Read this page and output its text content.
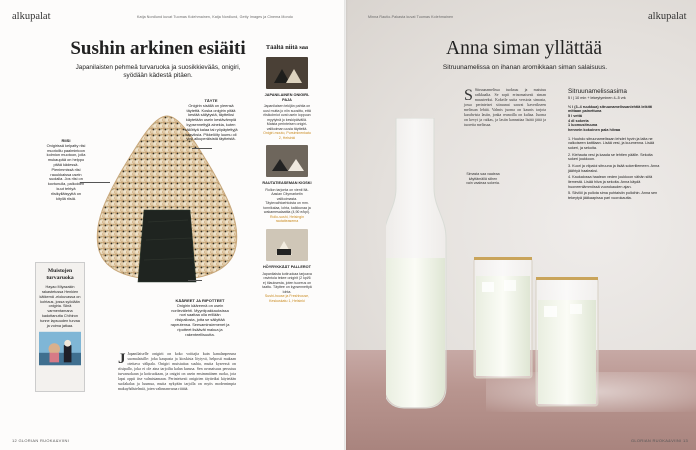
alkupalat	Katja Nordlund kuvat Tuomas Kolehmainen, Katja Nordlund, Getty Images ja Cinema Mondo
Sushin arkinen esiäiti
Japanilaisten pehmeä turvaruoka ja suosikkievääs, onigiri, syödään kädestä pitäen.
RIISI
Onigirissä kelpatty riisi muotoillu paalmintoon kolmion muotoon, jolla mukaupää on helppo pitää kädessä. Pienimmissä riisi rauukkaissa usein suolalla. Jos riisi on kovtunulla, palkoiden kuut tehtyä riisikylläisyyttä on kityllä riisiä.
TÄYTE
Onigirin sisällä on yleensä täytettä. Koska onigirin pitää kestää säilytystä, täytteiksi käytetään usein kestävämpiä kypsennettyjä ainekia, kuten säilöttyä kalaa tai ryöpäytettyjä kasviksia. Pikkelöity luumu oli yksi alkuperäisistä täytteistä.
KÄÄREET JA RIPOTTEET
Onigirin kääreenä on usein norilevälehti. Myyntipakkauksissa nori saattaa olla erillään riisipallosta, jotta se säilyttää rapeutensa. Seesaminsiemenet ja ripotteet lisäävät makua ja rakenteellisuutta.
Muistojen turvaruoka

Hayao Miyazakin rakastetussa Henkien kätkemä -elokuvassa on kohtaus, jossa syödään onigiria. Siinä varmentamana kadottanutta Chihiron tunne lapsuuden turvaa ja voima jatkaa.

J Japanilaiselle onigirit on koko voittajia kuin kanalanperuna suomalaisille: joka kaupasta ja kioskista löytyvä, helposti mukaan otettava välipala. Onigiri muistuttaa sushia, mutta kyseessä on riisipallo, joka ei ole aina tarjoiltu kalan kanssa. Sen avonaisuus perustuu turvaruokaan ja kotiruokaan, ja onigiri on usein ensimmäinen ruoka, jota lapsi oppii itse valmistamaan. Perinteisesti onigirien täytteiksi käytetään suolakalaa ja luumua, mutta nykyään tarjolla on myös modernimpia makuyhdistelmiä, joten valinnanvaraa riittää.
Täältä niitä saa
JAPANILAINEN ONIGIRI-PAJA

Japanilaisen tekijän pahtia on uusi mutta jo niin suosittu, että riisikolmiot ovat usein loppuun myytyinä jo keskipäivällä. Maista perinteisen onigiri-valikoiman uusia täytteitä.

Onigiri-mouto, Pursiminenkatu 2, Helsinki

RAUTATIEASEMAN KIOSKI

Rollon tarjonta on vienti Itä-Aasian Citymarketin valikoimasta. Täytevaihtoehtoista on mm. tonnikalaa, lohta, kalkkunaa ja wakamesalaattia (4,90 e/kpl).

Rollo-sushi, Helsingin rautatieasema

HÖYRYKKÄÄT PALLEROT

Japanilaista kotiruokaa tarjoava ravintola tekee onigirit (2 kpl/6 e) tilauksesta, joten tuoreus on taattu. Täyttee on kypsennettyä lohta.

Sushi-house ja Freshhouse, Keskuskatu 1, Helsinki

12 GLORIAN RUOKA&VIINI
alkupalat
Minna Rautio-Pakasta kuvat Tuomas Kolehmainen
Anna siman yllättää
Sitruunamelissa on ihanan aromikkaan siman salaisuus.
S Sitruunamelissa tuoksuu ja maistuu raikkaalta. Se sopii erinomaisesti siman mausteeksi. Kokeile uutta versiota simasta, jossa perinteiset sitruunat saavat kaverikseen melissan lehtiä. Valmis juoma on kaunis tarjota karahvista lasiin, jonka reunoilla on kultaa. Juoma on kevyt ja raikas, ja lasiin kannattaa lisätä jäitä ja tuoretta melissaa.
Simasta saa vaaleaa käyttämällä siihen vain vaaleaa sokeria.
Sitruunamelissasima
5 l | 10 min + lekeytyminen 4–5 vrk
½ l (3–4 ruukkua) sitruunamelissanlehtiä leikitti mittaan painettuna
5 l vettä
4 dl sokeria
1 luomusitruuna
hennein kokoinen pala hiivaa
1. Huuhdo sitruunamelissan lehdet hyvin ja laita ne valkoiseen kattilaan. Lisää vesi, ja kuumenna. Lisää sokeri, ja sekoita.
2. Kiehauta vesi ja kaada se lehtien päälle. Sekoita sokeri joukkoon.
3. Kuori ja viipaloi sitruuna ja lisää sokeriliemeen. Anna jäähtyä haaleaksi.
4. Kaukalossa haalean veden joukkoon vähän siitä liemestä. Lisää hiiva ja sekoita. Anna käydä huoneenlämmössä vuorokauden ajan.
5. Siivilöi ja pullota sima puhtaisiin pulloihin. Anna sen tekeytyä jääkaapissa pari vuorokautta.
GLORIAN RUOKA&VIINI 13
